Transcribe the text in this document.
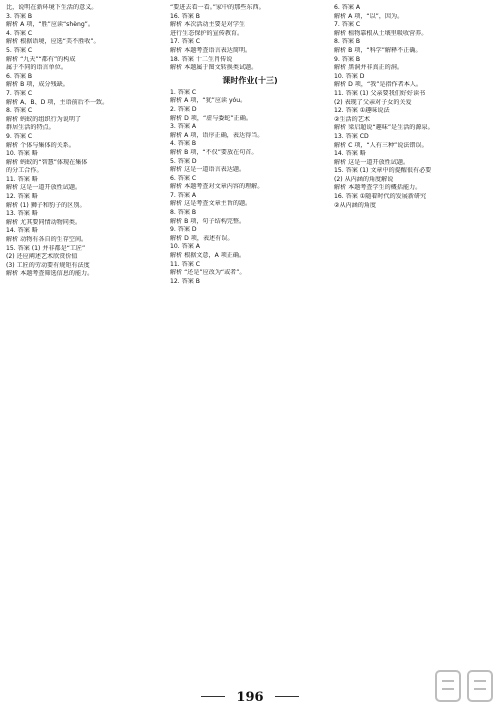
比，说明在新环境下生活的意义。
3. 答案 B
解析 A 项，“胜”应读“shèng”。
4. 答案 C
解析 根据语境，应选“美不胜收”。
5. 答案 C
解析 “九天”“都有”的构成
属于不同的语言单位。
6. 答案 B
解析 B 项，成分残缺。
7. 答案 C
解析 A、B、D 项，主语前后不一致。
8. 答案 C
解析 蚂蚁的组织行为说明了
群居生活的特点。
9. 答案 C
解析 个体与集体的关系。
10. 答案 略
解析 蚂蚁的“智慧”体现在集体
的分工合作。
11. 答案 略
解析 这是一道开放性试题。
12. 答案 略
解析 (1) 狮子和豹子的区别。
13. 答案 略
解析 尤其要同情动物同类。
14. 答案 略
解析 动物有各自的生存空间。
15. 答案 (1) 并非都是“工匠”
(2) 还应阐述艺术欣赏价值
(3) 工匠的劳动要有规矩有法度
解析 本题考查筛选信息的能力。
“要进去看一看。”家中的那些东西。
16. 答案 B
解析 本次活动主要是对学生
进行生态保护的宣传教育。
17. 答案 C
解析 本题考查语言表达简明。
18. 答案 十二生肖传说
解析 本题属于图文转换类试题。
课时作业(十三)
1. 答案 C
解析 A 项，“犹”应读 yóu。
2. 答案 D
解析 D 项，“虚与委蛇”正确。
3. 答案 A
解析 A 项，语序正确，表达得当。
4. 答案 B
解析 B 项，“不仅”要放在句首。
5. 答案 D
解析 这是一道语言表达题。
6. 答案 C
解析 本题考查对文章内容的理解。
7. 答案 A
解析 这是考查文章主旨的题。
8. 答案 B
解析 B 项，句子结构完整。
9. 答案 D
解析 D 项，表述有误。
10. 答案 A
解析 根据文意，A 项正确。
11. 答案 C
解析 “还是”应改为“或者”。
12. 答案 B
6. 答案 A
解析 A 项，“以”，因为。
7. 答案 C
解析 植物靠根从土壤里吸收营养。
8. 答案 B
解析 B 项，“科学”解释不正确。
9. 答案 B
解析 黑洞并非真正的洞。
10. 答案 D
解析 D 项，“我”是指作者本人。
11. 答案 (1) 父亲要我们好好读书
(2) 表现了父亲对子女的关爱
12. 答案 ①趣味说法
②生活的艺术
解析 梁启超说“趣味”是生活的源泉。
13. 答案 CD
解析 C 项，“人有三种”说法错误。
14. 答案 略
解析 这是一道开放性试题。
15. 答案 (1) 文章中的提醒很有必要
(2) 从内涵的角度解说
解析 本题考查学生的概括能力。
16. 答案 ①随着时代的发展新研究
②从内涵的角度
196
